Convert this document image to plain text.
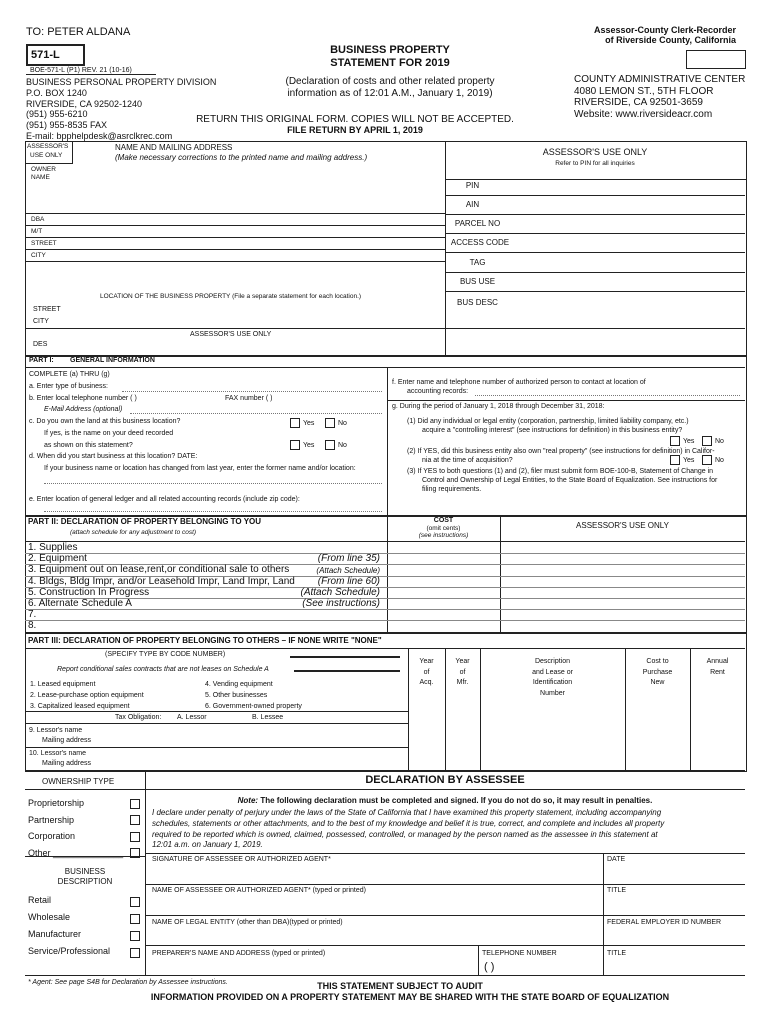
TO: PETER ALDANA	Assessor-County Clerk-Recorder
of Riverside County, California
571-L
BOE-571-L (P1) REV. 21 (10-16)
BUSINESS PROPERTY
STATEMENT FOR 2019
(Declaration of costs and other related property
information as of 12:01 A.M., January 1, 2019)
BUSINESS PERSONAL PROPERTY DIVISION
P.O. BOX 1240
RIVERSIDE, CA 92502-1240
(951) 955-6210
(951) 955-8535 FAX
E-mail: bpphelpdesk@asrclkrec.com
COUNTY ADMINISTRATIVE CENTER
4080 LEMON ST., 5TH FLOOR
RIVERSIDE, CA 92501-3659
Website: www.riversideacr.com
RETURN THIS ORIGINAL FORM. COPIES WILL NOT BE ACCEPTED.
FILE RETURN BY APRIL 1, 2019
ASSESSOR'S
USE ONLY
NAME AND MAILING ADDRESS
(Make necessary corrections to the printed name and mailing address.)
OWNER
NAME
DBA
M/T
STREET
CITY
ASSESSOR'S USE ONLY
Refer to PIN for all inquiries
PIN
AIN
PARCEL NO
ACCESS CODE
TAG
BUS USE
BUS DESC
LOCATION OF THE BUSINESS PROPERTY (File a separate statement for each location.)
STREET
CITY
ASSESSOR'S USE ONLY
DES
PART I: GENERAL INFORMATION
COMPLETE (a) THRU (g)
a. Enter type of business:
b. Enter local telephone number ( )	FAX number ( )
E-Mail Address (optional)
c. Do you own the land at this business location?	Yes	No
If yes, is the name on your deed recorded
as shown on this statement?	Yes	No
d. When did you start business at this location? DATE:
If your business name or location has changed from last year, enter the former name and/or location:
e. Enter location of general ledger and all related accounting records (include zip code):
f. Enter name and telephone number of authorized person to contact at location of
accounting records:
g. During the period of January 1, 2018 through December 31, 2018:
(1) Did any individual or legal entity (corporation, partnership, limited liability company, etc.)
acquire a "controlling interest" (see instructions for definition) in this business entity?
Yes	No
(2) If YES, did this business entity also own "real property" (see instructions for definition) in Califor-
nia at the time of acquisition?	Yes	No
(3) If YES to both questions (1) and (2), filer must submit form BOE-100-B, Statement of Change in
Control and Ownership of Legal Entities, to the State Board of Equalization. See instructions for
filing requirements.
PART II: DECLARATION OF PROPERTY BELONGING TO YOU
(attach schedule for any adjustment to cost)
COST
(omit cents)
(see instructions)
ASSESSOR'S USE ONLY
1. Supplies
2. Equipment	(From line 35)
3. Equipment out on lease,rent,or conditional sale to others	(Attach Schedule)
4. Bldgs, Bldg Impr, and/or Leasehold Impr, Land Impr, Land (From line 60)
5. Construction In Progress	(Attach Schedule)
6. Alternate Schedule A	(See instructions)
7.
8.
PART III: DECLARATION OF PROPERTY BELONGING TO OTHERS – IF NONE WRITE "NONE"
(SPECIFY TYPE BY CODE NUMBER)
Report conditional sales contracts that are not leases on Schedule A
1. Leased equipment
2. Lease-purchase option equipment
3. Capitalized leased equipment
4. Vending equipment
5. Other businesses
6. Government-owned property
Tax Obligation: A. Lessor	B. Lessee
Year
of
Acq.
Year
of
Mfr.
Description
and Lease or
Identification
Number
Cost to
Purchase
New
Annual
Rent
9. Lessor's name
Mailing address
10. Lessor's name
Mailing address
OWNERSHIP TYPE
Proprietorship
Partnership
Corporation
Other ______________
BUSINESS
DESCRIPTION
Retail
Wholesale
Manufacturer
Service/Professional
DECLARATION BY ASSESSEE
Note: The following declaration must be completed and signed. If you do not do so, it may result in penalties.
I declare under penalty of perjury under the laws of the State of California that I have examined this property statement, including accompanying
schedules, statements or other attachments, and to the best of my knowledge and belief it is true, correct, and complete and includes all property
required to be reported which is owned, claimed, possessed, controlled, or managed by the person named as the assessee in this statement at
12:01 a.m. on January 1, 2019.
SIGNATURE OF ASSESSEE OR AUTHORIZED AGENT*	DATE
NAME OF ASSESSEE OR AUTHORIZED AGENT* (typed or printed)	TITLE
NAME OF LEGAL ENTITY (other than DBA)(typed or printed)	FEDERAL EMPLOYER ID NUMBER
PREPARER'S NAME AND ADDRESS (typed or printed)	TELEPHONE NUMBER	TITLE
( )
* Agent: See page S4B for Declaration by Assessee instructions.	THIS STATEMENT SUBJECT TO AUDIT
INFORMATION PROVIDED ON A PROPERTY STATEMENT MAY BE SHARED WITH THE STATE BOARD OF EQUALIZATION
